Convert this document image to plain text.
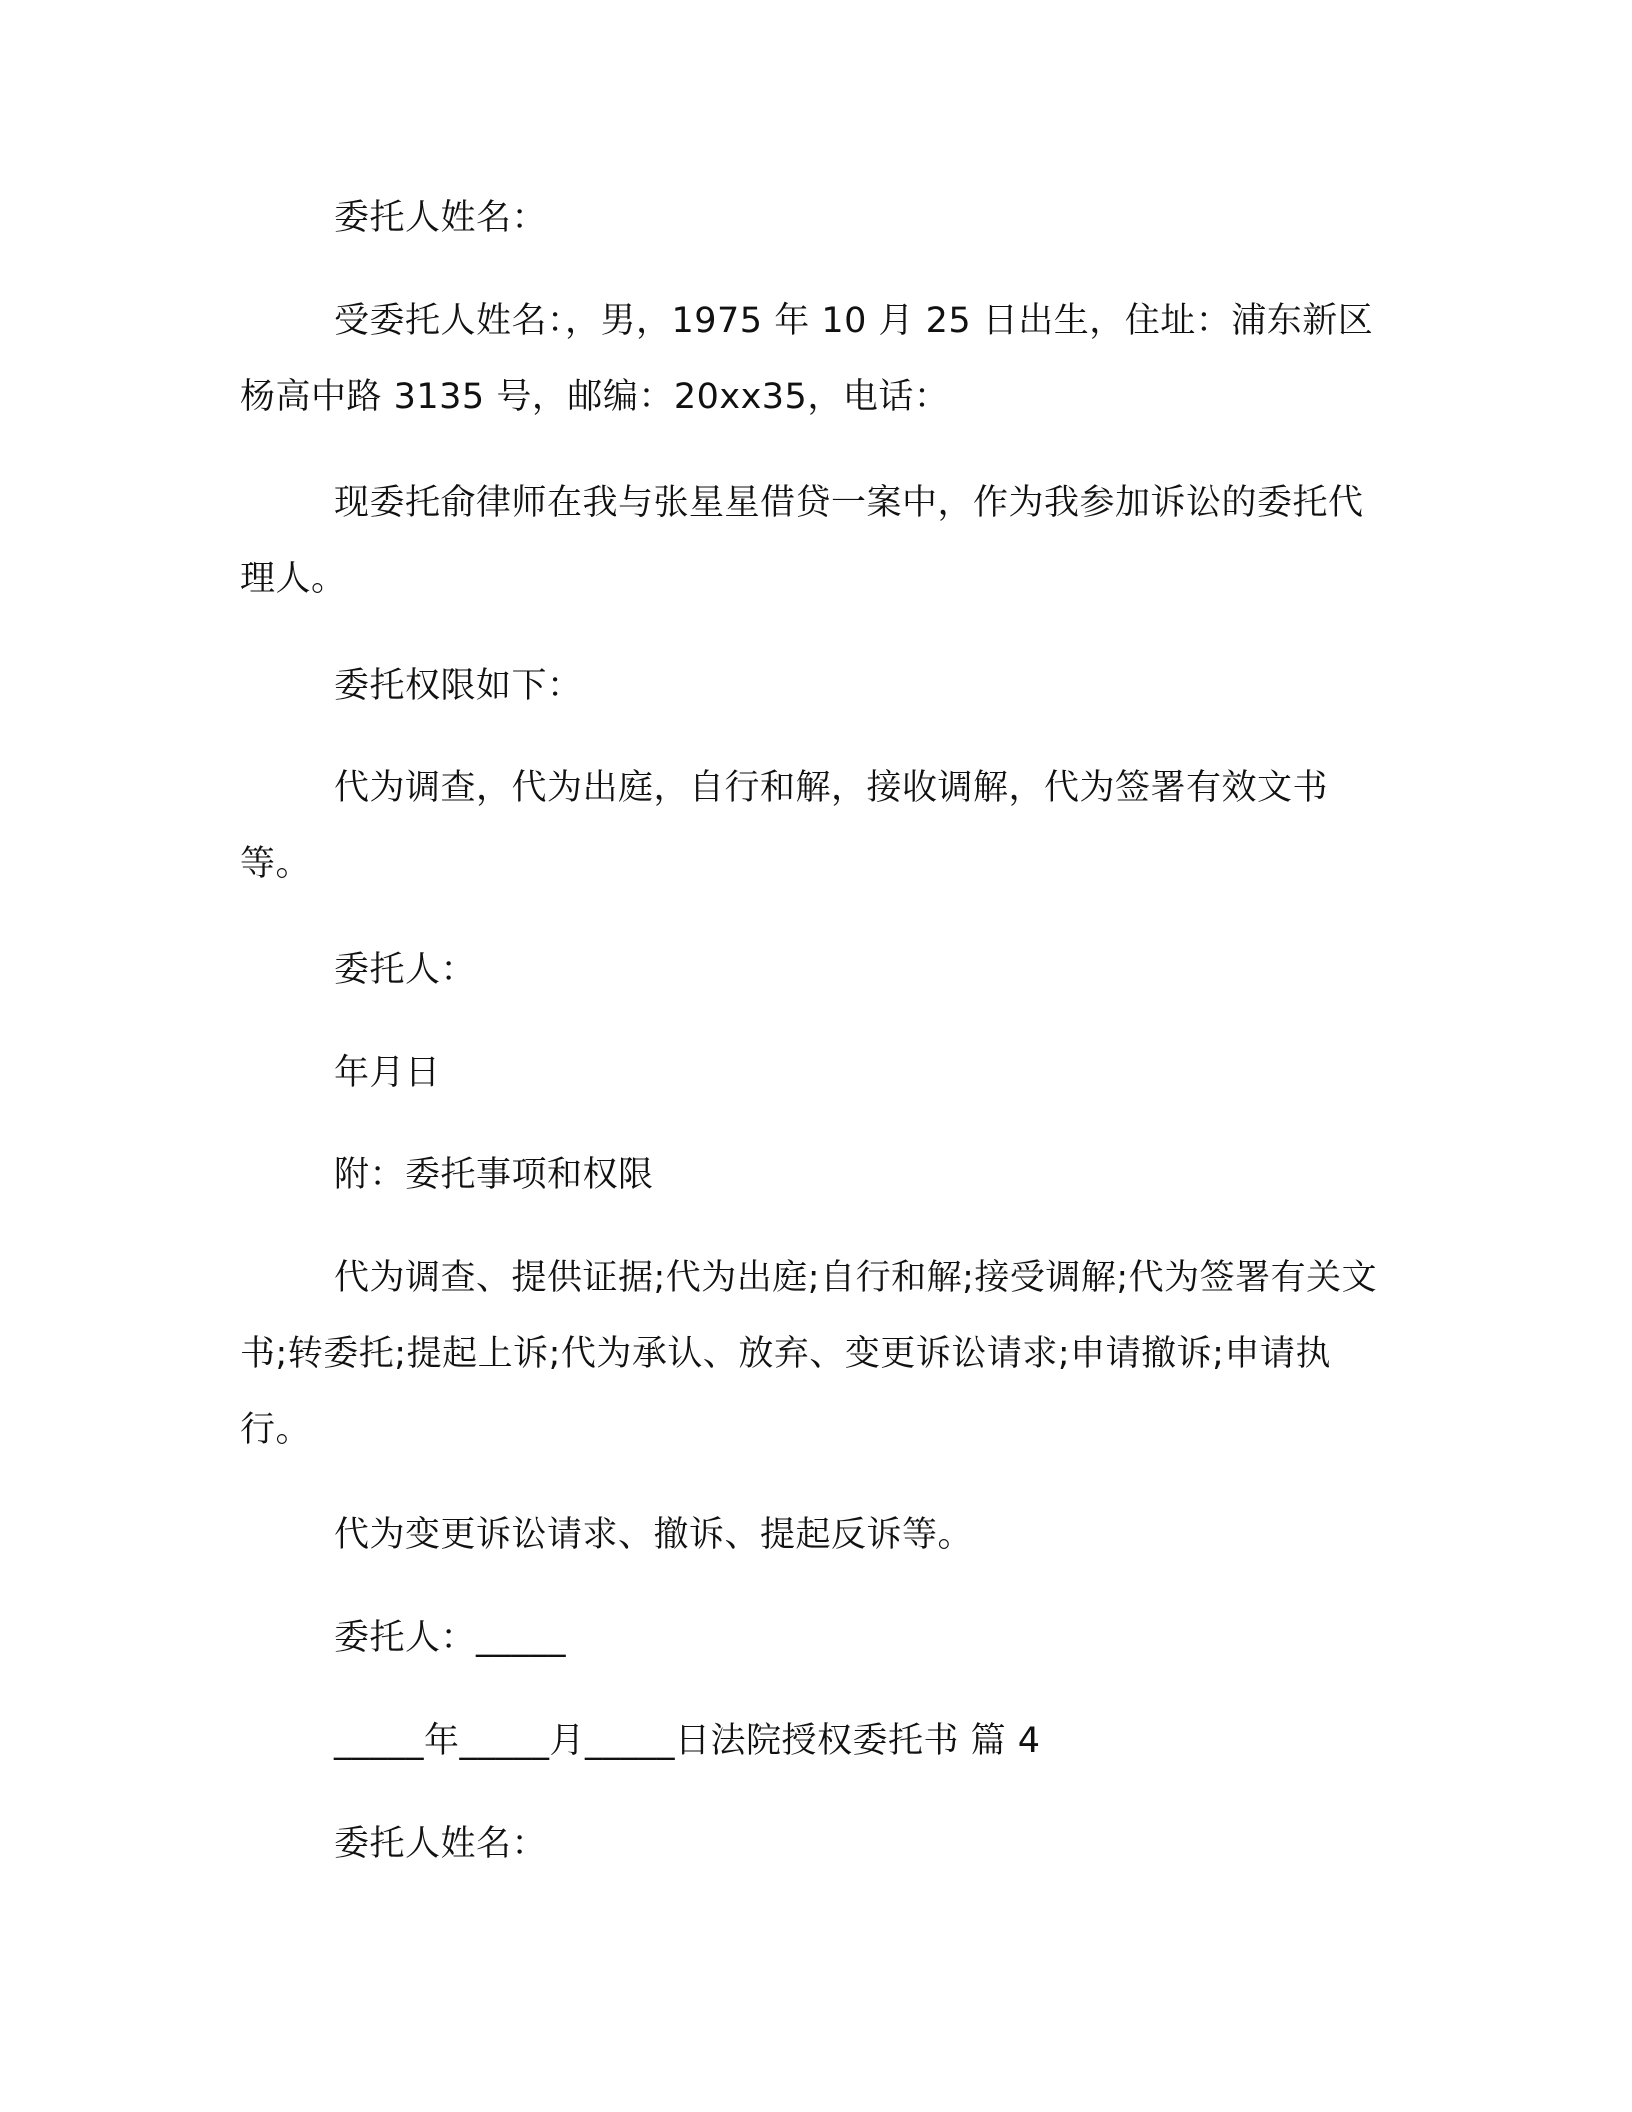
委托人姓名：

受委托人姓名：，男，1975 年 10 月 25 日出生，住址：浦东新区杨高中路 3135 号，邮编：20xx35，电话：

现委托俞律师在我与张星星借贷一案中，作为我参加诉讼的委托代理人。

委托权限如下：

代为调查，代为出庭，自行和解，接收调解，代为签署有效文书等。

委托人：

年月日

附：委托事项和权限

代为调查、提供证据;代为出庭;自行和解;接受调解;代为签署有关文书;转委托;提起上诉;代为承认、放弃、变更诉讼请求;申请撤诉;申请执行。

代为变更诉讼请求、撤诉、提起反诉等。

委托人：_____

_____年_____月_____日法院授权委托书 篇 4

委托人姓名：
